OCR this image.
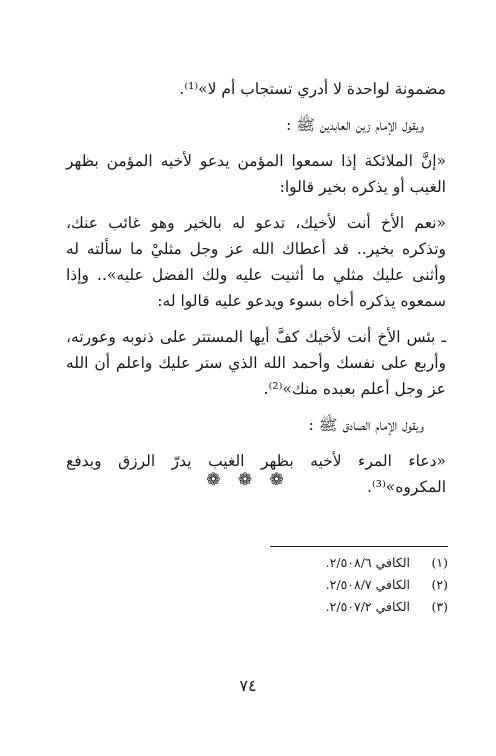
مضمونة لواحدة لا أدري تستجاب أم لا»⁽¹⁾.

ويقول الإمام زين العابدين ﷺ :

«إنَّ الملائكة إذا سمعوا المؤمن يدعو لأخيه المؤمن بظهر الغيب أو يذكره بخير قالوا:

«نعم الأخ أنت لأخيك، تدعو له بالخير وهو غائب عنك، وتذكره بخير.. قد أعطاك الله عز وجل مثليْ ما سألته له وأثنى عليك مثلي ما أثنيت عليه ولك الفضل عليه».. وإذا سمعوه يذكره أخاه بسوء ويدعو عليه قالوا له:

ـ بئس الأخ أنت لأخيك كفَّ أيها المستتر على ذنوبه وعورته، وأربع على نفسك وأحمد الله الذي ستر عليك واعلم أن الله عز وجل أعلم بعبده منك»⁽²⁾.

ويقول الإمام الصادق ﷺ :

«دعاء المرء لأخيه بظهر الغيب يدرّ الرزق ويدفع المكروه»⁽³⁾.

❁ ❁ ❁
(١) الكافي ٢/٥٠٨/٦.
(٢) الكافي ٢/٥٠٨/٧.
(٣) الكافي ٢/٥٠٧/٢.
٧٤
